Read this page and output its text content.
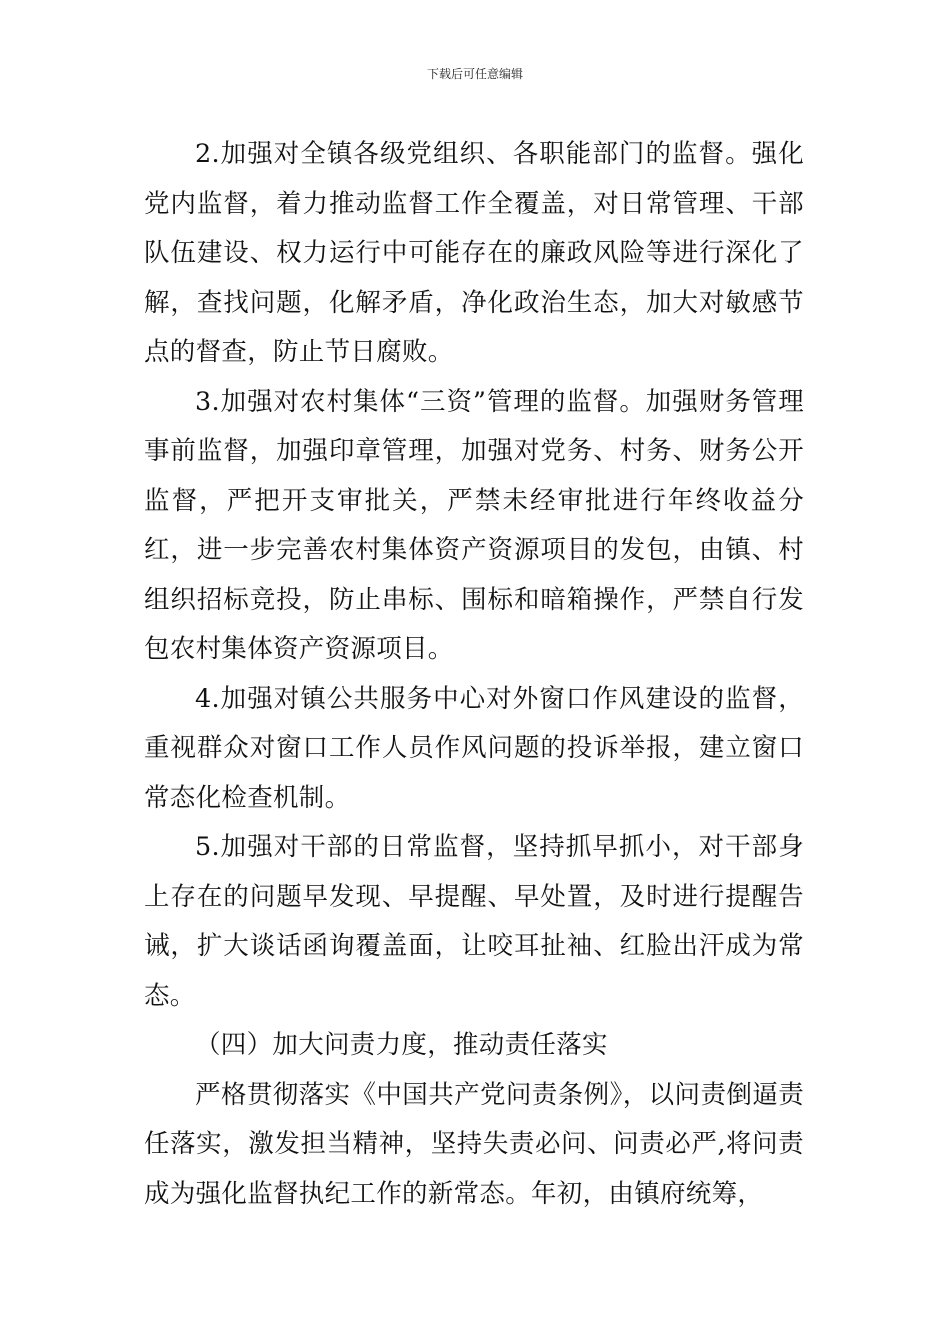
下载后可任意编辑

2.加强对全镇各级党组织、各职能部门的监督。强化党内监督，着力推动监督工作全覆盖，对日常管理、干部队伍建设、权力运行中可能存在的廉政风险等进行深化了解，查找问题，化解矛盾，净化政治生态，加大对敏感节点的督查，防止节日腐败。

3.加强对农村集体“三资”管理的监督。加强财务管理事前监督，加强印章管理，加强对党务、村务、财务公开监督，严把开支审批关，严禁未经审批进行年终收益分红，进一步完善农村集体资产资源项目的发包，由镇、村组织招标竞投，防止串标、围标和暗箱操作，严禁自行发包农村集体资产资源项目。

4.加强对镇公共服务中心对外窗口作风建设的监督，重视群众对窗口工作人员作风问题的投诉举报，建立窗口常态化检查机制。

5.加强对干部的日常监督，坚持抓早抓小，对干部身上存在的问题早发现、早提醒、早处置，及时进行提醒告诫，扩大谈话函询覆盖面，让咬耳扯袖、红脸出汗成为常态。

（四）加大问责力度，推动责任落实

严格贯彻落实《中国共产党问责条例》，以问责倒逼责任落实，激发担当精神，坚持失责必问、问责必严,将问责成为强化监督执纪工作的新常态。年初，由镇府统筹，
